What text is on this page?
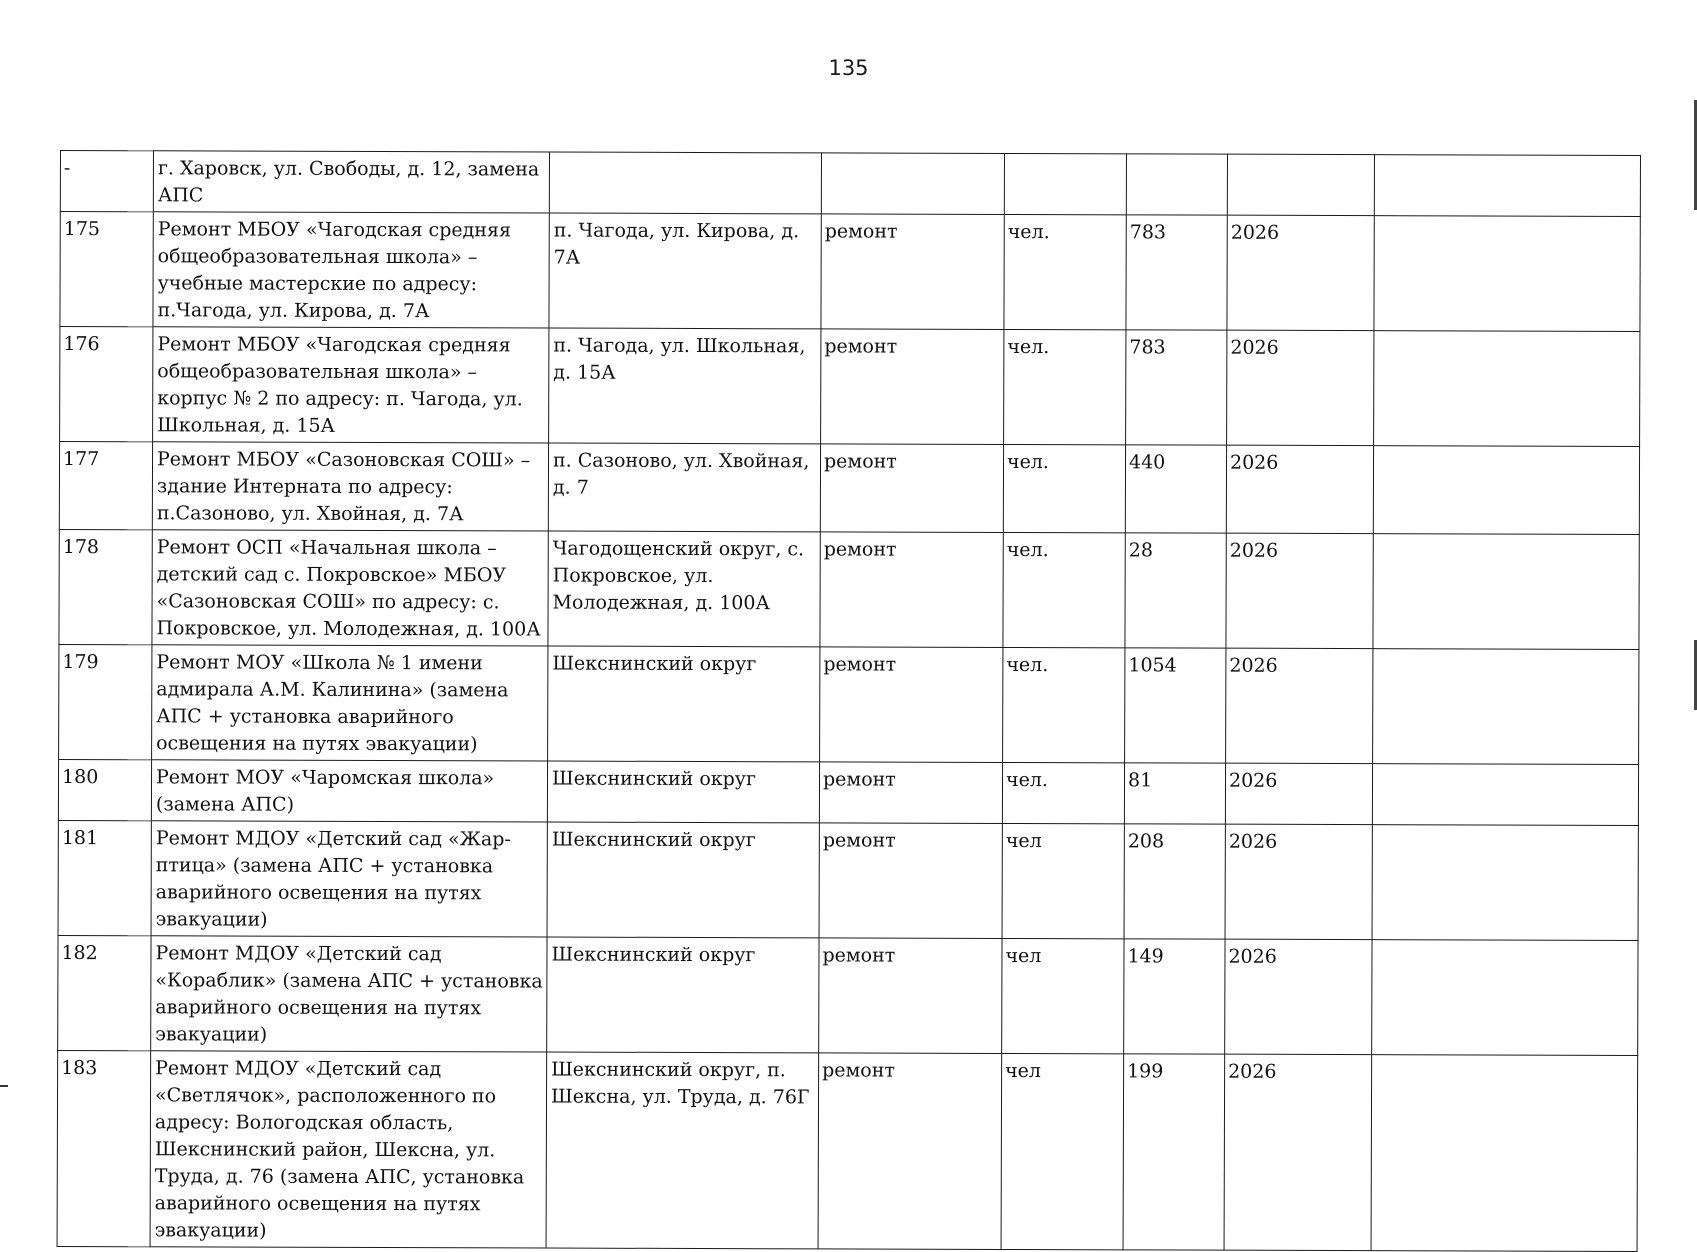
135
-	г. Харовск, ул. Свободы, д. 12, замена АПС						
175	Ремонт МБОУ «Чагодская средняя общеобразовательная школа» – учебные мастерские по адресу: п.Чагода, ул. Кирова, д. 7А	п. Чагода, ул. Кирова, д. 7А	ремонт	чел.	783	2026	
176	Ремонт МБОУ «Чагодская средняя общеобразовательная школа» – корпус № 2 по адресу: п. Чагода, ул. Школьная, д. 15А	п. Чагода, ул. Школьная, д. 15А	ремонт	чел.	783	2026	
177	Ремонт МБОУ «Сазоновская СОШ» – здание Интерната по адресу: п.Сазоново, ул. Хвойная, д. 7А	п. Сазоново, ул. Хвойная, д. 7	ремонт	чел.	440	2026	
178	Ремонт ОСП «Начальная школа – детский сад с. Покровское» МБОУ «Сазоновская СОШ» по адресу: с. Покровское, ул. Молодежная, д. 100А	Чагодощенский округ, с. Покровское, ул. Молодежная, д. 100А	ремонт	чел.	28	2026	
179	Ремонт МОУ «Школа № 1 имени адмирала А.М. Калинина» (замена АПС + установка аварийного освещения на путях эвакуации)	Шекснинский округ	ремонт	чел.	1054	2026	
180	Ремонт МОУ «Чаромская школа» (замена АПС)	Шекснинский округ	ремонт	чел.	81	2026	
181	Ремонт МДОУ «Детский сад «Жар-птица» (замена АПС + установка аварийного освещения на путях эвакуации)	Шекснинский округ	ремонт	чел	208	2026	
182	Ремонт МДОУ «Детский сад «Кораблик» (замена АПС + установка аварийного освещения на путях эвакуации)	Шекснинский округ	ремонт	чел	149	2026	
183	Ремонт МДОУ «Детский сад «Светлячок», расположенного по адресу: Вологодская область, Шекснинский район, Шексна, ул. Труда, д. 76 (замена АПС, установка аварийного освещения на путях эвакуации)	Шекснинский округ, п. Шексна, ул. Труда, д. 76Г	ремонт	чел	199	2026	
